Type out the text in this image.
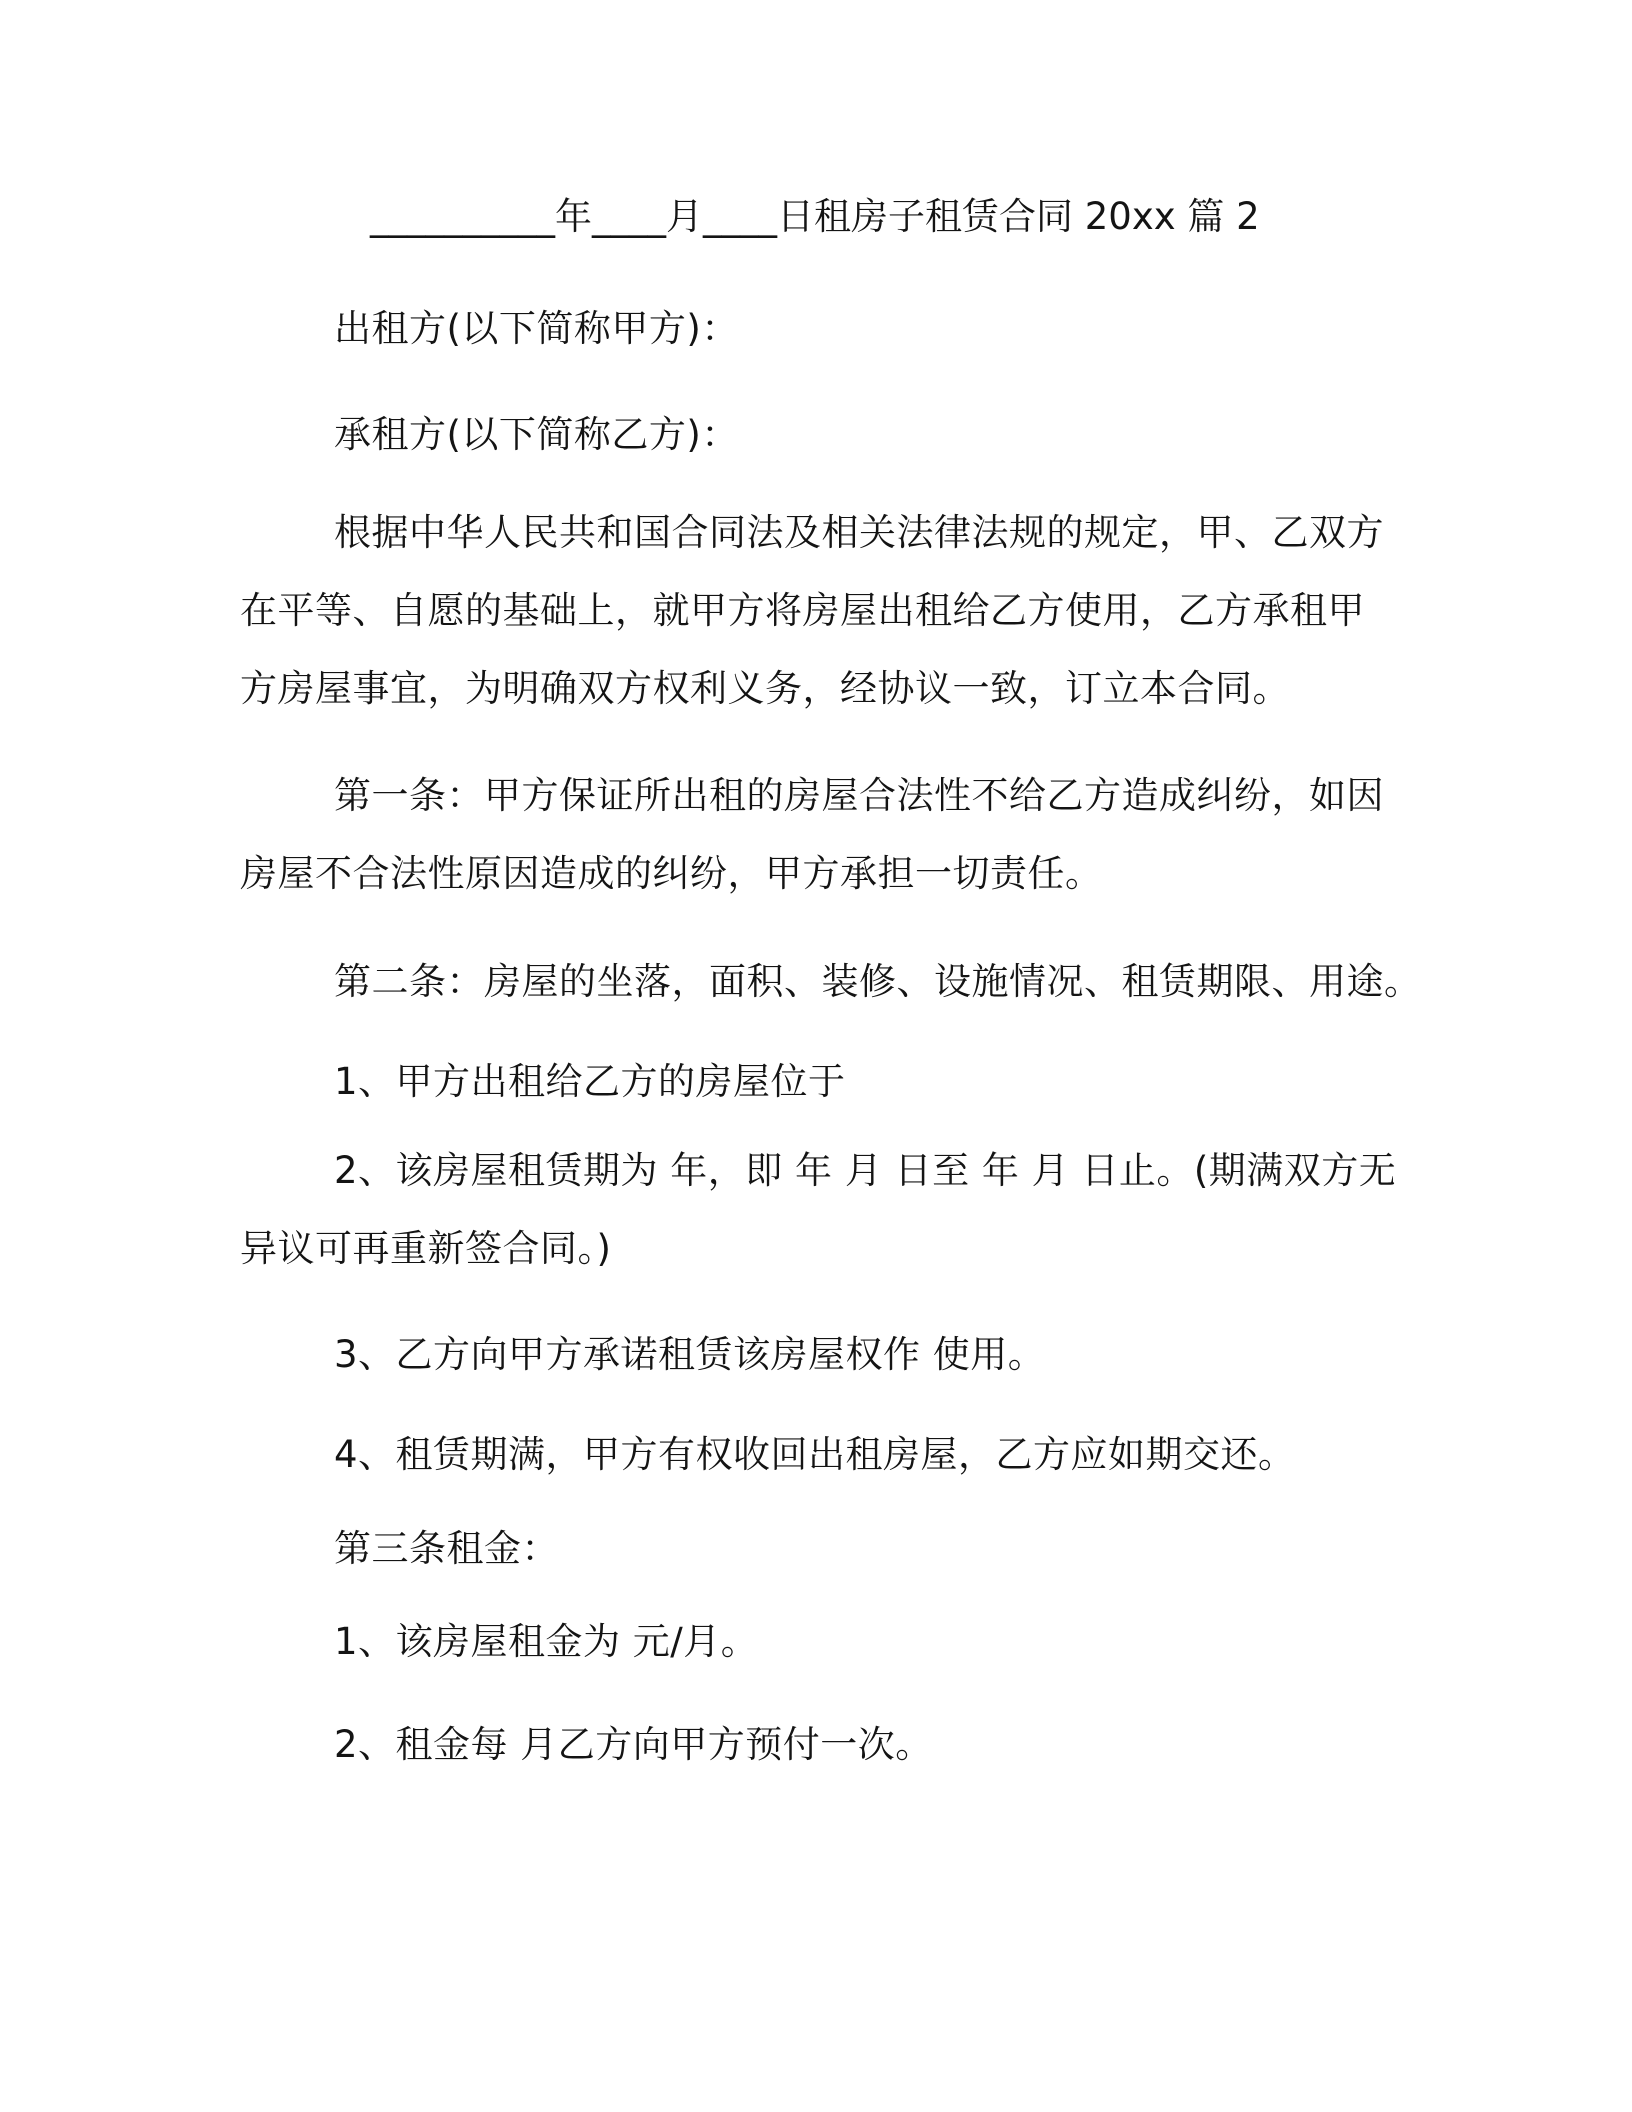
__________年____月____日租房子租赁合同 20xx 篇 2
出租方(以下简称甲方)：
承租方(以下简称乙方)：
根据中华人民共和国合同法及相关法律法规的规定，甲、乙双方在平等、自愿的基础上，就甲方将房屋出租给乙方使用，乙方承租甲方房屋事宜，为明确双方权利义务，经协议一致，订立本合同。
第一条：甲方保证所出租的房屋合法性不给乙方造成纠纷，如因房屋不合法性原因造成的纠纷，甲方承担一切责任。
第二条：房屋的坐落，面积、装修、设施情况、租赁期限、用途。
1、甲方出租给乙方的房屋位于
2、该房屋租赁期为 年，即 年 月 日至 年 月 日止。(期满双方无异议可再重新签合同。)
3、乙方向甲方承诺租赁该房屋权作 使用。
4、租赁期满，甲方有权收回出租房屋，乙方应如期交还。
第三条租金：
1、该房屋租金为 元/月。
2、租金每 月乙方向甲方预付一次。
